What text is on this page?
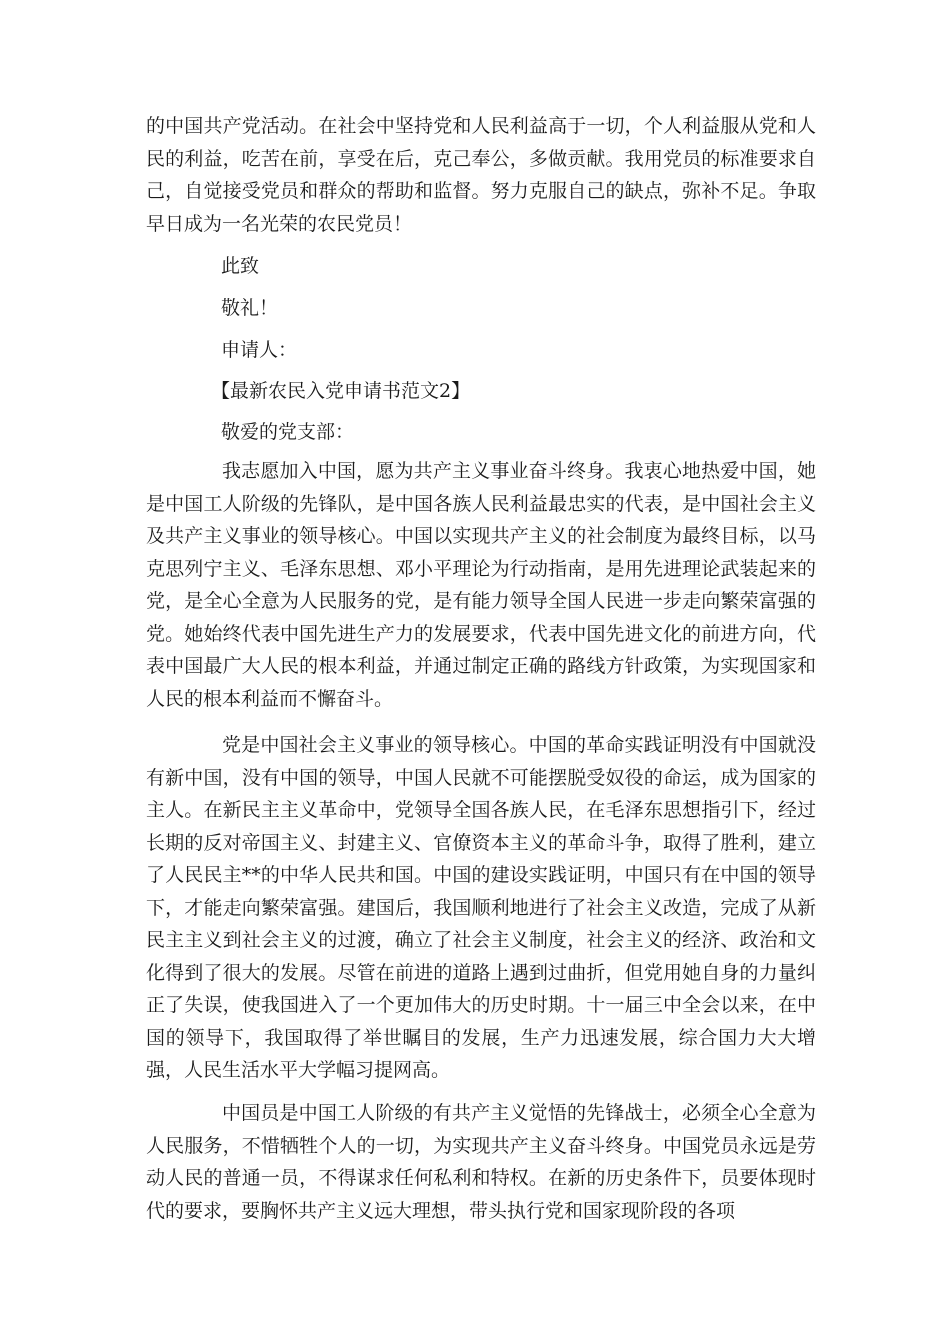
的中国共产党活动。在社会中坚持党和人民利益高于一切，个人利益服从党和人民的利益，吃苦在前，享受在后，克己奉公，多做贡献。我用党员的标准要求自己，自觉接受党员和群众的帮助和监督。努力克服自己的缺点，弥补不足。争取早日成为一名光荣的农民党员！

此致
敬礼！
申请人：
【最新农民入党申请书范文2】
敬爱的党支部：

我志愿加入中国，愿为共产主义事业奋斗终身。我衷心地热爱中国，她是中国工人阶级的先锋队，是中国各族人民利益最忠实的代表，是中国社会主义及共产主义事业的领导核心。中国以实现共产主义的社会制度为最终目标，以马克思列宁主义、毛泽东思想、邓小平理论为行动指南，是用先进理论武装起来的党，是全心全意为人民服务的党，是有能力领导全国人民进一步走向繁荣富强的党。她始终代表中国先进生产力的发展要求，代表中国先进文化的前进方向，代表中国最广大人民的根本利益，并通过制定正确的路线方针政策，为实现国家和人民的根本利益而不懈奋斗。

党是中国社会主义事业的领导核心。中国的革命实践证明没有中国就没有新中国，没有中国的领导，中国人民就不可能摆脱受奴役的命运，成为国家的主人。在新民主主义革命中，党领导全国各族人民，在毛泽东思想指引下，经过长期的反对帝国主义、封建主义、官僚资本主义的革命斗争，取得了胜利，建立了人民民主**的中华人民共和国。中国的建设实践证明，中国只有在中国的领导下，才能走向繁荣富强。建国后，我国顺利地进行了社会主义改造，完成了从新民主主义到社会主义的过渡，确立了社会主义制度，社会主义的经济、政治和文化得到了很大的发展。尽管在前进的道路上遇到过曲折，但党用她自身的力量纠正了失误，使我国进入了一个更加伟大的历史时期。十一届三中全会以来，在中国的领导下，我国取得了举世瞩目的发展，生产力迅速发展，综合国力大大增强，人民生活水平大学幅习提网高。

中国员是中国工人阶级的有共产主义觉悟的先锋战士，必须全心全意为人民服务，不惜牺牲个人的一切，为实现共产主义奋斗终身。中国党员永远是劳动人民的普通一员，不得谋求任何私利和特权。在新的历史条件下，员要体现时代的要求，要胸怀共产主义远大理想，带头执行党和国家现阶段的各项
